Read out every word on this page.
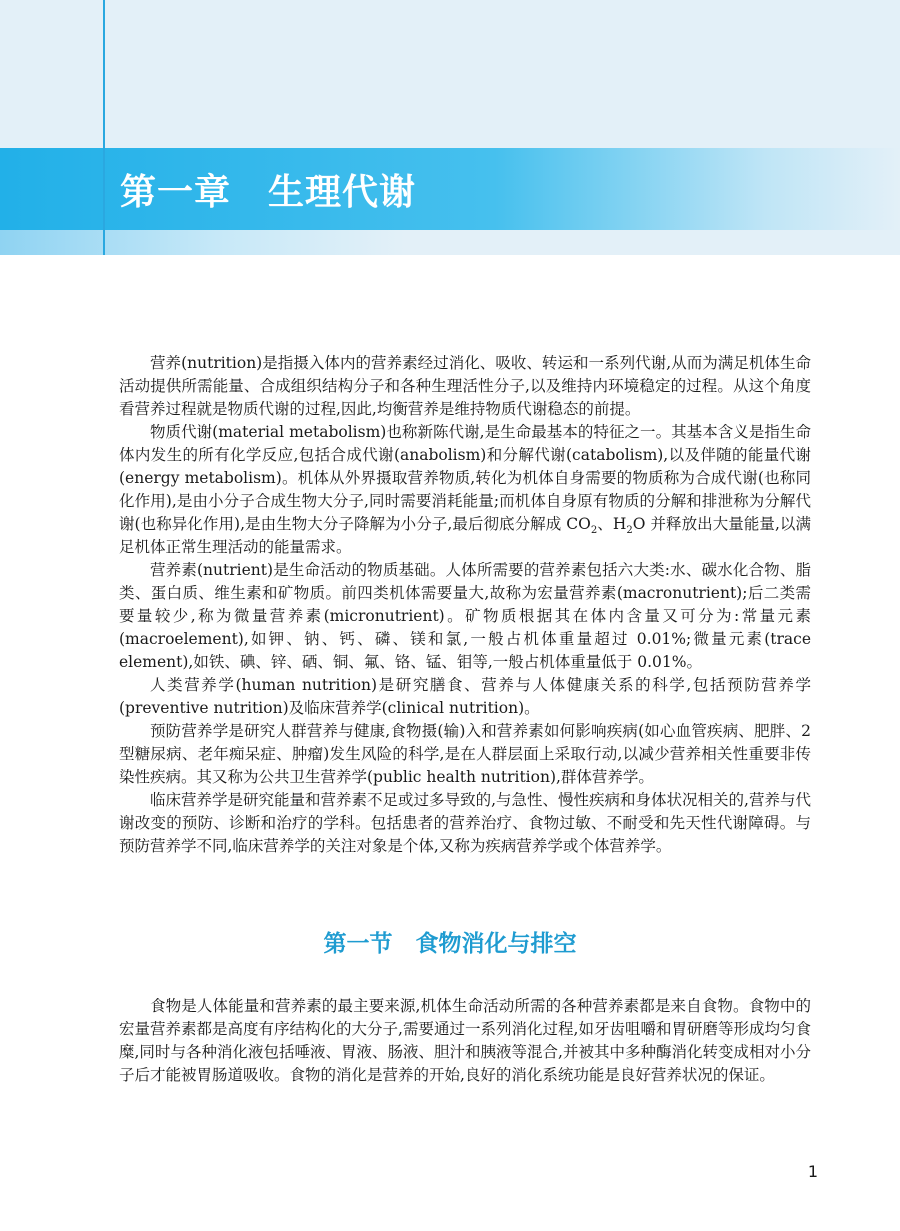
第一章　生理代谢

营养(nutrition)是指摄入体内的营养素经过消化、吸收、转运和一系列代谢,从而为满足机体生命活动提供所需能量、合成组织结构分子和各种生理活性分子,以及维持内环境稳定的过程。从这个角度看营养过程就是物质代谢的过程,因此,均衡营养是维持物质代谢稳态的前提。

物质代谢(material metabolism)也称新陈代谢,是生命最基本的特征之一。其基本含义是指生命体内发生的所有化学反应,包括合成代谢(anabolism)和分解代谢(catabolism),以及伴随的能量代谢(energy metabolism)。机体从外界摄取营养物质,转化为机体自身需要的物质称为合成代谢(也称同化作用),是由小分子合成生物大分子,同时需要消耗能量;而机体自身原有物质的分解和排泄称为分解代谢(也称异化作用),是由生物大分子降解为小分子,最后彻底分解成 $CO_2$、$H_2O$ 并释放出大量能量,以满足机体正常生理活动的能量需求。

营养素(nutrient)是生命活动的物质基础。人体所需要的营养素包括六大类:水、碳水化合物、脂类、蛋白质、维生素和矿物质。前四类机体需要量大,故称为宏量营养素(macronutrient);后二类需要量较少,称为微量营养素(micronutrient)。矿物质根据其在体内含量又可分为:常量元素(macroelement),如钾、钠、钙、磷、镁和氯,一般占机体重量超过 0.01%;微量元素(trace element),如铁、碘、锌、硒、铜、氟、铬、锰、钼等,一般占机体重量低于 0.01%。

人类营养学(human nutrition)是研究膳食、营养与人体健康关系的科学,包括预防营养学(preventive nutrition)及临床营养学(clinical nutrition)。

预防营养学是研究人群营养与健康,食物摄(输)入和营养素如何影响疾病(如心血管疾病、肥胖、2 型糖尿病、老年痴呆症、肿瘤)发生风险的科学,是在人群层面上采取行动,以减少营养相关性重要非传染性疾病。其又称为公共卫生营养学(public health nutrition),群体营养学。

临床营养学是研究能量和营养素不足或过多导致的,与急性、慢性疾病和身体状况相关的,营养与代谢改变的预防、诊断和治疗的学科。包括患者的营养治疗、食物过敏、不耐受和先天性代谢障碍。与预防营养学不同,临床营养学的关注对象是个体,又称为疾病营养学或个体营养学。

第一节　食物消化与排空

食物是人体能量和营养素的最主要来源,机体生命活动所需的各种营养素都是来自食物。食物中的宏量营养素都是高度有序结构化的大分子,需要通过一系列消化过程,如牙齿咀嚼和胃研磨等形成均匀食糜,同时与各种消化液包括唾液、胃液、肠液、胆汁和胰液等混合,并被其中多种酶消化转变成相对小分子后才能被胃肠道吸收。食物的消化是营养的开始,良好的消化系统功能是良好营养状况的保证。

1
